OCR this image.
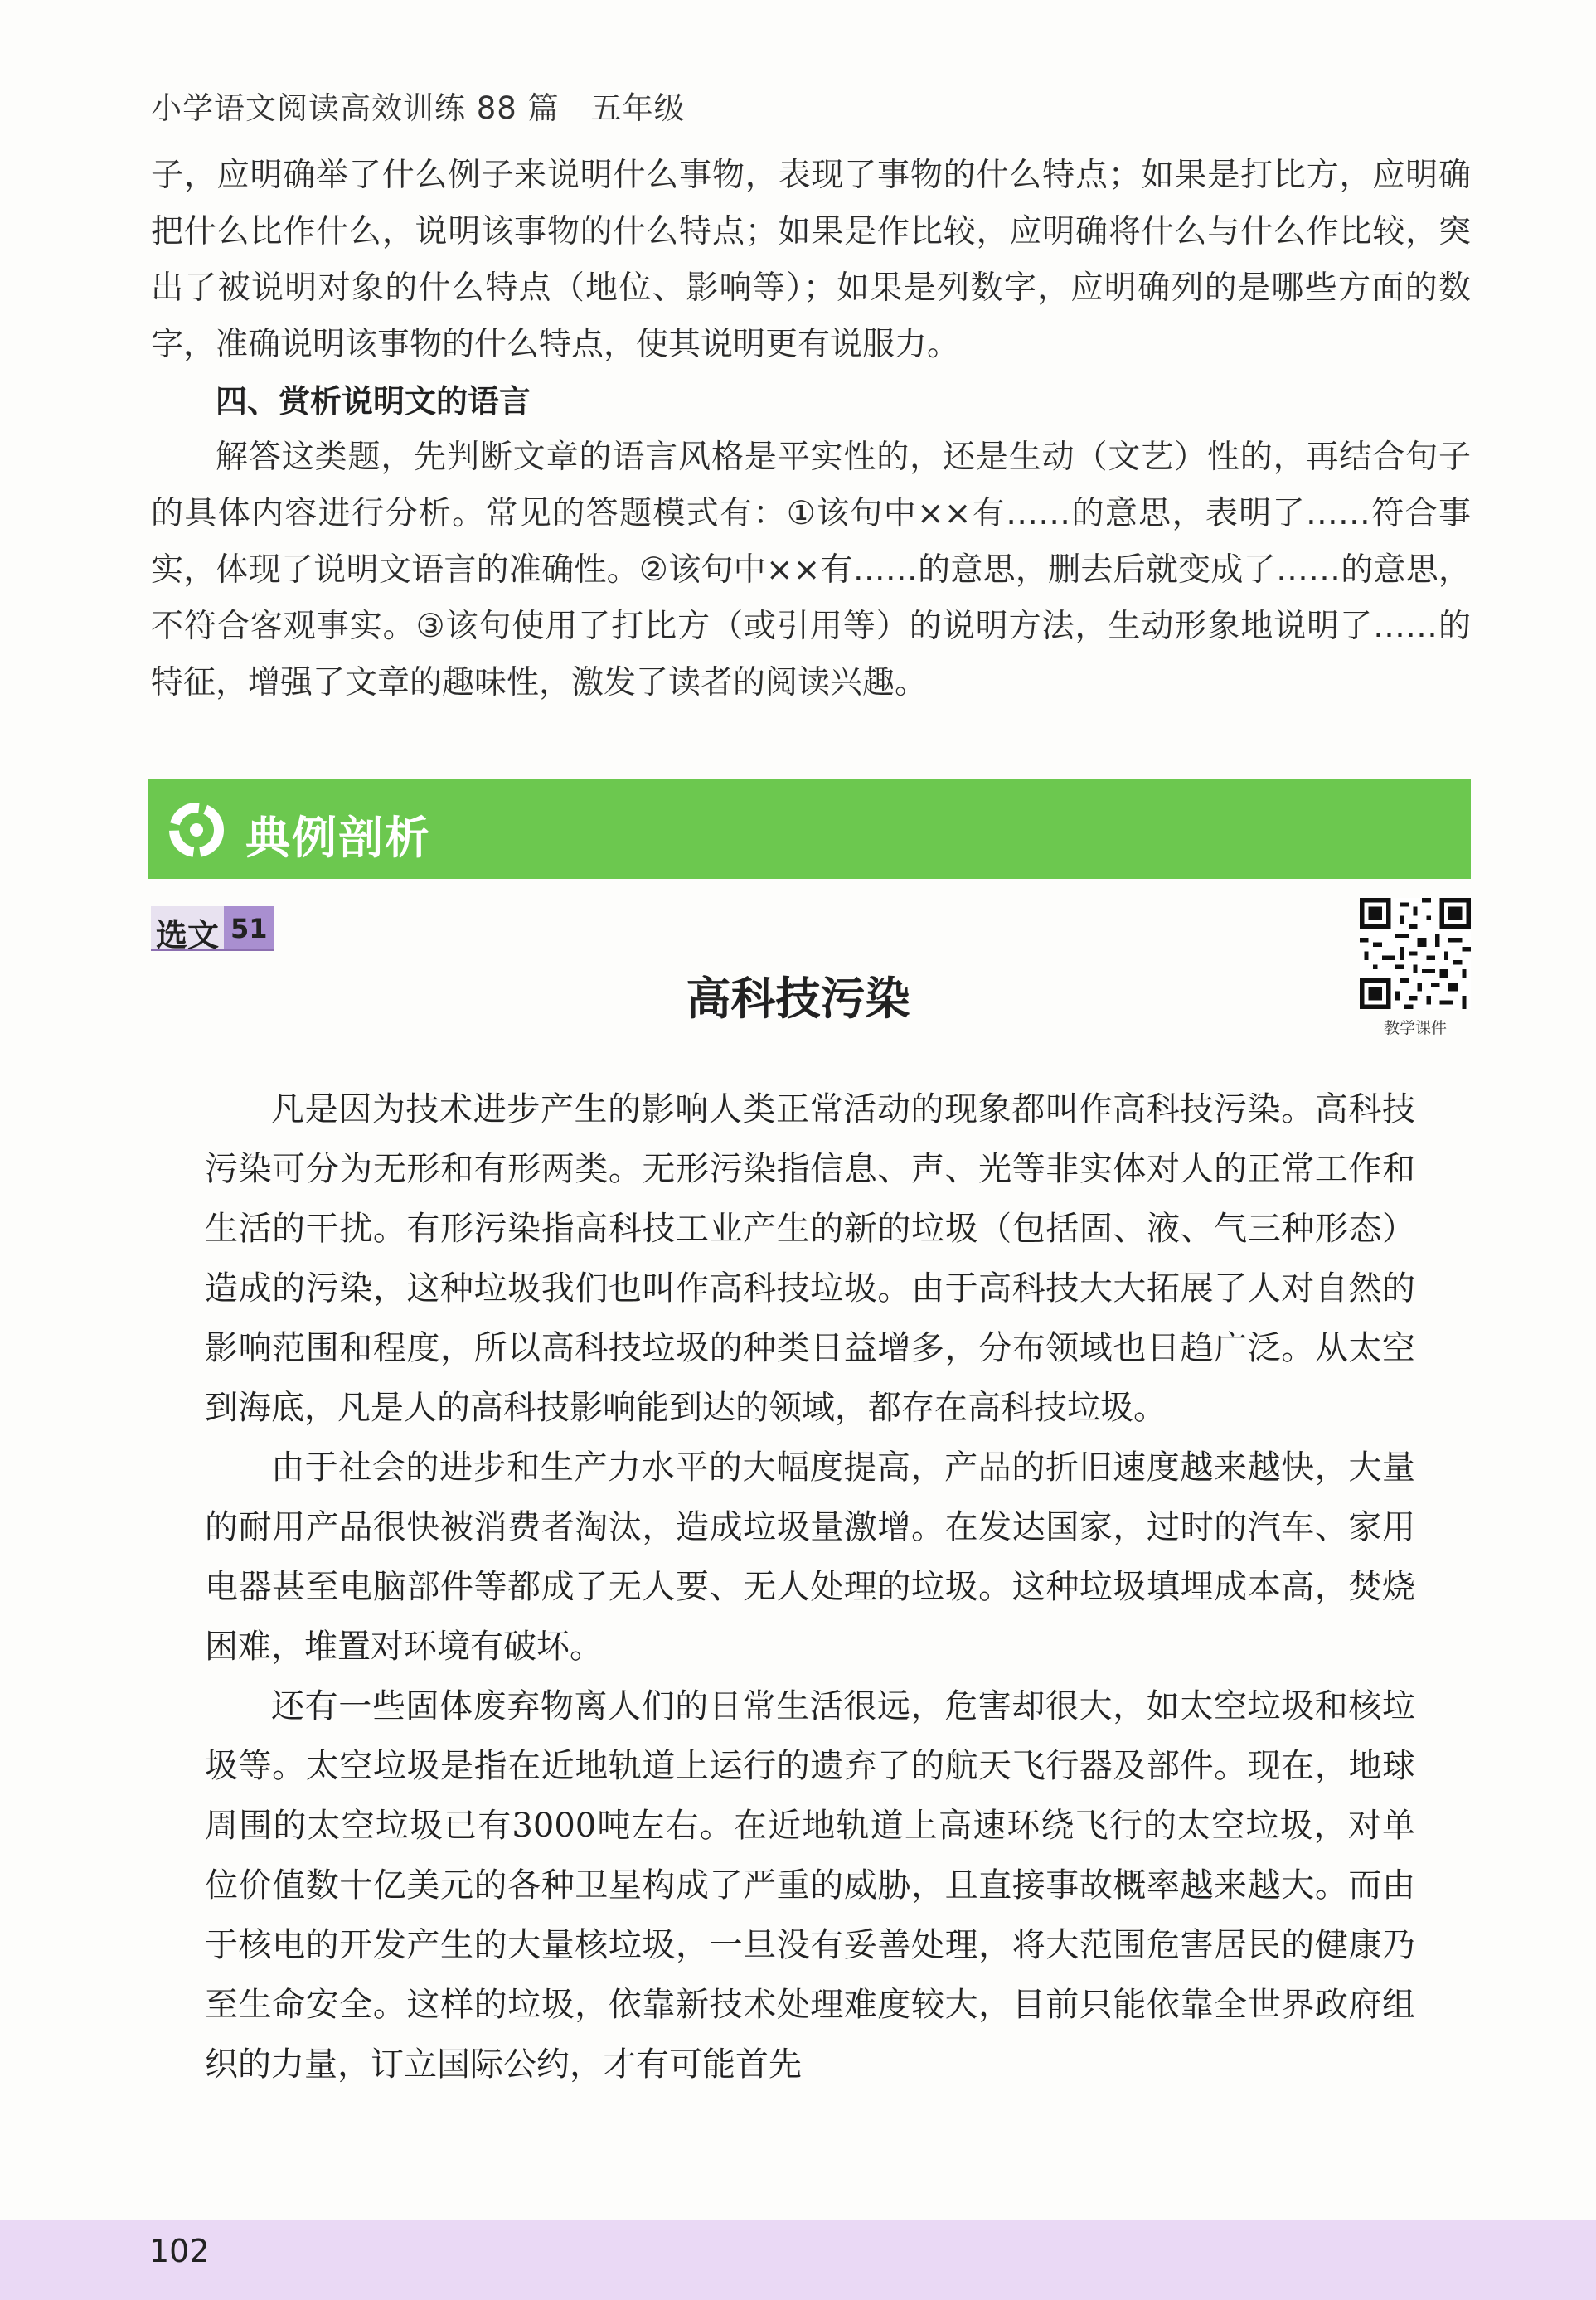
小学语文阅读高效训练 88 篇　五年级

子，应明确举了什么例子来说明什么事物，表现了事物的什么特点；如果是打比方，应明确把什么比作什么，说明该事物的什么特点；如果是作比较，应明确将什么与什么作比较，突出了被说明对象的什么特点（地位、影响等）；如果是列数字，应明确列的是哪些方面的数字，准确说明该事物的什么特点，使其说明更有说服力。

四、赏析说明文的语言

解答这类题，先判断文章的语言风格是平实性的，还是生动（文艺）性的，再结合句子的具体内容进行分析。常见的答题模式有：①该句中××有……的意思，表明了……符合事实，体现了说明文语言的准确性。②该句中××有……的意思，删去后就变成了……的意思，不符合客观事实。③该句使用了打比方（或引用等）的说明方法，生动形象地说明了……的特征，增强了文章的趣味性，激发了读者的阅读兴趣。

典例剖析
选文 51
教学课件
高科技污染

凡是因为技术进步产生的影响人类正常活动的现象都叫作高科技污染。高科技污染可分为无形和有形两类。无形污染指信息、声、光等非实体对人的正常工作和生活的干扰。有形污染指高科技工业产生的新的垃圾（包括固、液、气三种形态）造成的污染，这种垃圾我们也叫作高科技垃圾。由于高科技大大拓展了人对自然的影响范围和程度，所以高科技垃圾的种类日益增多，分布领域也日趋广泛。从太空到海底，凡是人的高科技影响能到达的领域，都存在高科技垃圾。

由于社会的进步和生产力水平的大幅度提高，产品的折旧速度越来越快，大量的耐用产品很快被消费者淘汰，造成垃圾量激增。在发达国家，过时的汽车、家用电器甚至电脑部件等都成了无人要、无人处理的垃圾。这种垃圾填埋成本高，焚烧困难，堆置对环境有破坏。

还有一些固体废弃物离人们的日常生活很远，危害却很大，如太空垃圾和核垃圾等。太空垃圾是指在近地轨道上运行的遗弃了的航天飞行器及部件。现在，地球周围的太空垃圾已有3000吨左右。在近地轨道上高速环绕飞行的太空垃圾，对单位价值数十亿美元的各种卫星构成了严重的威胁，且直接事故概率越来越大。而由于核电的开发产生的大量核垃圾，一旦没有妥善处理，将大范围危害居民的健康乃至生命安全。这样的垃圾，依靠新技术处理难度较大，目前只能依靠全世界政府组织的力量，订立国际公约，才有可能首先

102
